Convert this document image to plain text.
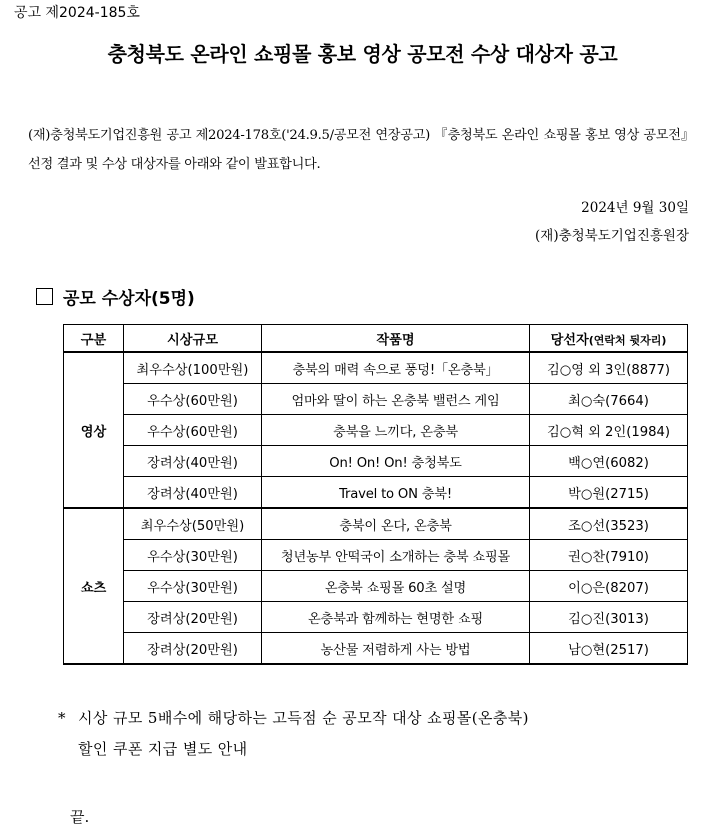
공고 제2024-185호
충청북도 온라인 쇼핑몰 홍보 영상 공모전 수상 대상자 공고
(재)충청북도기업진흥원 공고 제2024-178호('24.9.5/공모전 연장공고) 『충청북도 온라인 쇼핑몰 홍보 영상 공모전』 선정 결과 및 수상 대상자를 아래와 같이 발표합니다.
2024년 9월 30일
(재)충청북도기업진흥원장
공모 수상자(5명)
구분	시상규모	작품명	당선자(연락처 뒷자리)
영상	최우수상(100만원)	충북의 매력 속으로 풍덩!「온충북」	김○영 외 3인(8877)
	우수상(60만원)	엄마와 딸이 하는 온충북 밸런스 게임	최○숙(7664)
	우수상(60만원)	충북을 느끼다, 온충북	김○혁 외 2인(1984)
	장려상(40만원)	On! On! On! 충청북도	백○연(6082)
	장려상(40만원)	Travel to ON 충북!	박○원(2715)
쇼츠	최우수상(50만원)	충북이 온다, 온충북	조○선(3523)
	우수상(30만원)	청년농부 안떡국이 소개하는 충북 쇼핑몰	권○찬(7910)
	우수상(30만원)	온충북 쇼핑몰 60초 설명	이○은(8207)
	장려상(20만원)	온충북과 함께하는 현명한 쇼핑	김○진(3013)
	장려상(20만원)	농산물 저렴하게 사는 방법	남○현(2517)
* 시상 규모 5배수에 해당하는 고득점 순 공모작 대상 쇼핑몰(온충북)
할인 쿠폰 지급 별도 안내
끝.
